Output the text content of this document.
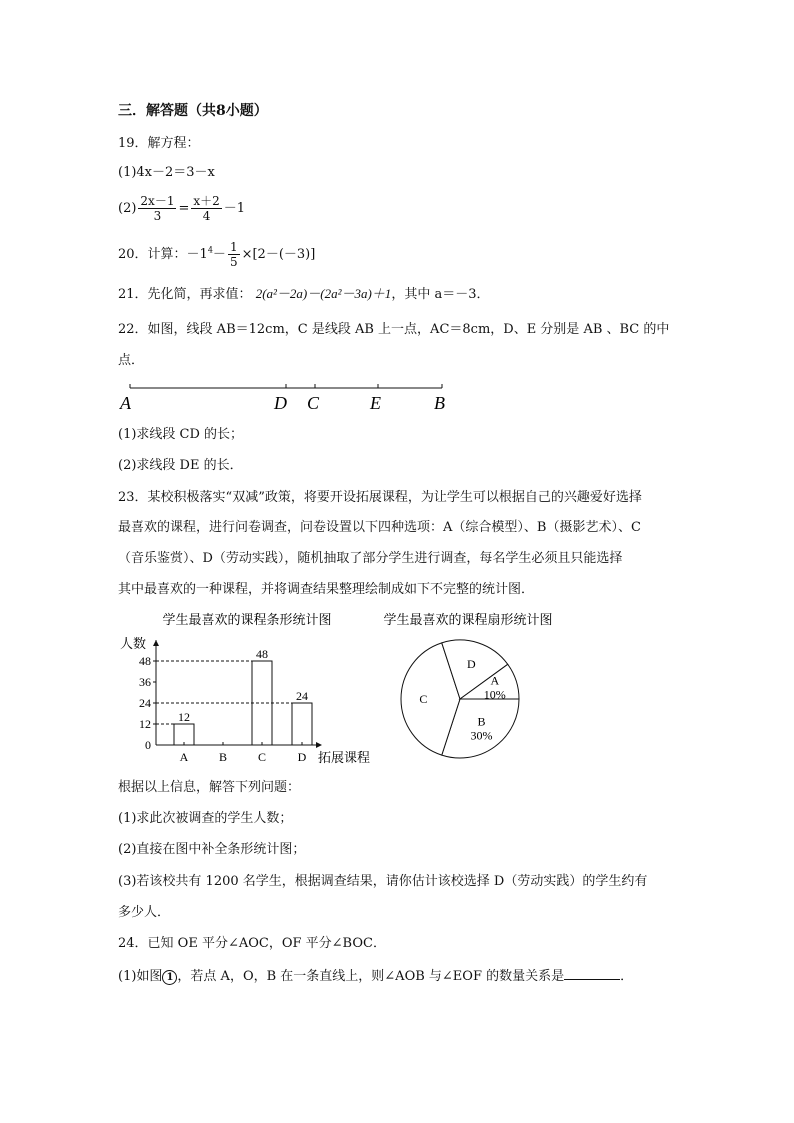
三．解答题（共8小题）
19．解方程：
(1)4x－2＝3－x
$(2) \frac{2x-1}{3} = \frac{x+2}{4} -1$
20．计算：$-1^4- \frac{1}{5} \times[2-(-3)]$
21．先化简，再求值： 2(a²－2a)－(2a²－3a)＋1，其中 a＝－3．
22．如图，线段 AB＝12cm，C 是线段 AB 上一点，AC＝8cm，D、E 分别是 AB 、BC 的中
点．
A	D C	E	B
(1)求线段 CD 的长；
(2)求线段 DE 的长．
23．某校积极落实“双减”政策，将要开设拓展课程，为让学生可以根据自己的兴趣爱好选择
最喜欢的课程，进行问卷调查，问卷设置以下四种选项：A（综合模型）、B（摄影艺术）、C
（音乐鉴赏）、D（劳动实践），随机抽取了部分学生进行调查，每名学生必须且只能选择
其中最喜欢的一种课程，并将调查结果整理绘制成如下不完整的统计图．
学生最喜欢的课程条形统计图
人数
拓展课程
0
12
24
36
48
A
12
B	C
48
D
24
学生最喜欢的课程扇形统计图
B
30%
C
D
A
10%
根据以上信息，解答下列问题：
(1)求此次被调查的学生人数；
(2)直接在图中补全条形统计图；
(3)若该校共有 1200 名学生，根据调查结果，请你估计该校选择 D（劳动实践）的学生约有
多少人．
24．已知 OE 平分∠AOC，OF 平分∠BOC．
(1)如图 1 ，若点 A，O，B 在一条直线上，则∠AOB 与∠EOF 的数量关系是	．
